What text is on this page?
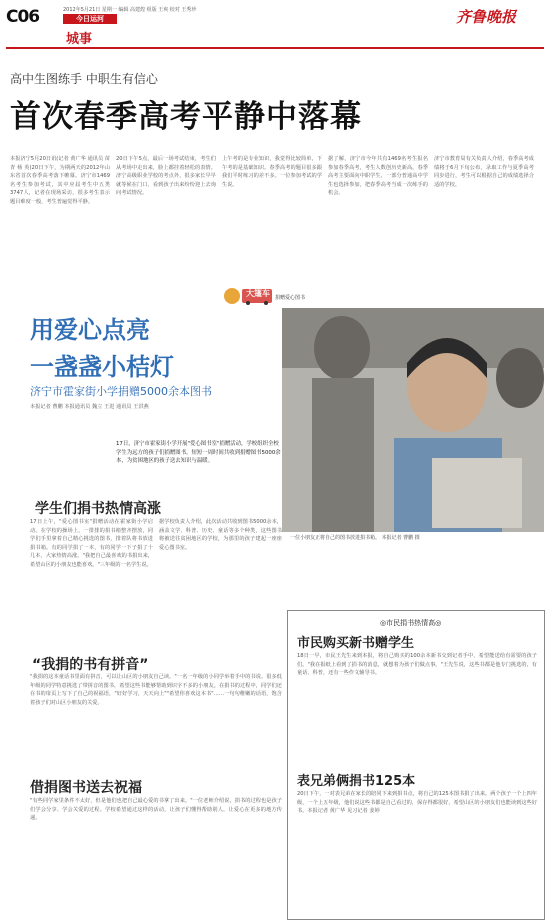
C06	2012年5月21日 星期一 编辑 高建煌 组版 王爽 校对 王秀珍
今日运河
城事
齐鲁晚报
高中生图练手 中职生有信心
首次春季高考平静中落幕
本报济宁5月20日讯(记者 黄广华 通讯员 苗青 杨 英)20日下午，为期两天的2012年山东省首次春季高考落下帷幕。济宁市1469名考生参加考试，其中应届考生中五类3747人，记者在现场采访，很多考生表示题目难度一般，考生普遍觉得平静。
20日下午5点，最后一场考试结束，考生们从考场中走出来，脸上都挂着轻松的表情。济宁高级职业学校的考点外，很多家长早早就等候在门口，看到孩子出来纷纷迎上去询问考试情况。
上午考的是专业知识，我觉得比较简单，下午考的是基础知识。春季高考的题目很多跟我们平时练习的差不多。一位参加考试的学生说。
据了解，济宁市今年共有1469名考生报名参加春季高考，考生人数创历史新高。春季高考主要面向中职学生，一部分普通高中学生也选择参加，把春季高考当成一次练手的机会。
济宁市教育局有关负责人介绍，春季高考成绩将于6月下旬公布，录取工作与夏季高考同步进行，考生可以根据自己的成绩选择合适的学校。
大篷车 捐赠爱心图书
用爱心点亮
一盏盏小桔灯
济宁市霍家街小学捐赠5000余本图书
本报记者 曹鹏 本报通讯员 魏立 王进 通讯员 王洪燕
一位小朋友正将自己的图书放进捐书箱。 本报记者 曹鹏 摄
17日，济宁市霍家街小学开展"爱心图书室"捐赠活动，学校组织全校学生为远方的孩子们捐赠图书，短短一周时间共收到捐赠图书5000余本，为贫困地区的孩子送去知识与温暖。
学生们捐书热情高涨
17日上午，"爱心图书室"捐赠活动在霍家街小学启动。在学校的操场上，一排排的捐书箱整齐摆放，同学们手里拿着自己精心挑选的图书，排着队将书放进捐书箱。有的同学捐了一本，有的同学一下子捐了十几本，大家热情高涨。"我把自己最喜欢的书捐出来，希望山区的小朋友也能喜欢。"三年级的一名学生说。
据学校负责人介绍，此次活动共收到图书5000余本，涵盖文学、科普、历史、童话等多个种类，这些图书将被送往贫困地区的学校，为那里的孩子建起一座座爱心图书室。
“我捐的书有拼音”
"我捐的这本童话书里面有拼音，可以让山区的小朋友自己读。"一名一年级的小同学举着手中的书说。很多低年级的同学特意挑选了带拼音的图书，希望这些书能够帮助到识字不多的小朋友。在捐书的过程中，同学们还在书的扉页上写下了自己的祝福语，"好好学习，天天向上""希望你喜欢这本书"……一句句稚嫩的话语，饱含着孩子们对山区小朋友的关爱。
借捐图书送去祝福
"有些同学家里条件不太好，但是他们也把自己最心爱的书拿了出来。"一位老师介绍说，捐书的过程也是孩子们学会分享、学会关爱的过程。学校希望通过这样的活动，让孩子们懂得帮助别人，让爱心在更多的地方传递。
◎市民捐书热情高◎
市民购买新书赠学生
18日一早，市民王先生来到本报，将自己购买的100余本新书交到记者手中，希望能送给有需要的孩子们。"我在报纸上看到了捐书的消息，就想着为孩子们做点事。"王先生说，这些书都是他专门挑选的，有童话、科普，还有一些作文辅导书。
表兄弟俩捐书125本
20日下午，一对表兄弟在家长的陪同下来到捐书点，将自己的125本图书捐了出来。两个孩子一个上四年级，一个上五年级，他们说这些书都是自己看过的，保存得都很好，希望山区的小朋友们也能读到这些好书。本报记者 黄广华 见习记者 姜婷
